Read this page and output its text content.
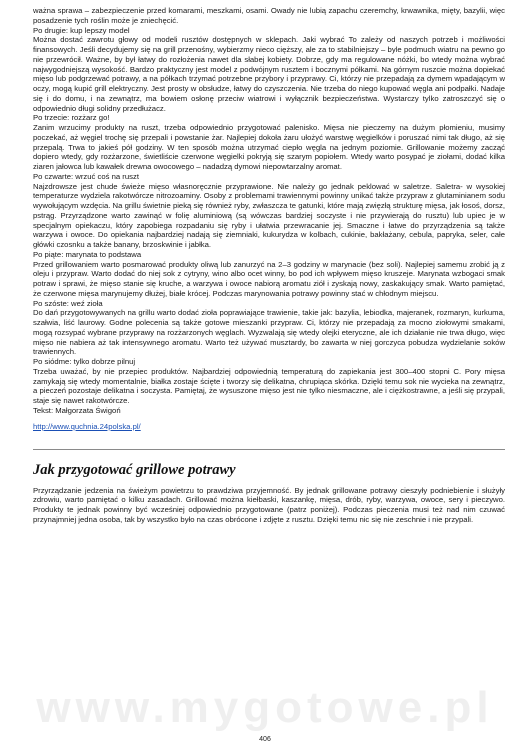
www.mygotowe.pl

ważna sprawa – zabezpieczenie przed komarami, meszkami, osami. Owady nie lubią zapachu czeremchy, krwawnika, mięty, bazylii, więc posadzenie tych roślin może je zniechęcić.

Po drugie: kup lepszy model

Można dostać zawrotu głowy od modeli rusztów dostępnych w sklepach. Jaki wybrać To zależy od naszych potrzeb i możliwości finansowych. Jeśli decydujemy się na grill przenośny, wybierzmy nieco cięższy, ale za to stabilniejszy – byle podmuch wiatru na pewno go nie przewrócił. Ważne, by był łatwy do rozłożenia nawet dla słabej kobiety. Dobrze, gdy ma regulowane nóżki, bo wtedy można wybrać najwygodniejszą wysokość. Bardzo praktyczny jest model z podwójnym rusztem i bocznymi półkami. Na górnym ruszcie można dopiekać mięso lub podgrzewać potrawy, a na półkach trzymać potrzebne przybory i przyprawy. Ci, którzy nie przepadają za dymem wpadającym w oczy, mogą kupić grill elektryczny. Jest prosty w obsłudze, łatwy do czyszczenia. Nie trzeba do niego kupować węgla ani podpałki. Nadaje się i do domu, i na zewnątrz, ma bowiem osłonę przeciw wiatrowi i wyłącznik bezpieczeństwa. Wystarczy tylko zatroszczyć się o odpowiednio długi solidny przedłużacz.

Po trzecie: rozżarz go!

Zanim wrzucimy produkty na ruszt, trzeba odpowiednio przygotować palenisko. Mięsa nie pieczemy na dużym płomieniu, musimy poczekać, aż węgiel trochę się przepali i powstanie żar. Najlepiej dokoła żaru ułożyć warstwę węgielków i poruszać nimi tak długo, aż się przepalą. Trwa to jakieś pół godziny. W ten sposób można utrzymać ciepło węgla na jednym poziomie. Grillowanie możemy zacząć dopiero wtedy, gdy rozżarzone, świetliście czerwone węgielki pokryją się szarym popiołem. Wtedy warto posypać je ziołami, dodać kilka ziaren jałowca lub kawałek drewna owocowego – nadadzą dymowi niepowtarzalny aromat.

Po czwarte: wrzuć coś na ruszt

Najzdrowsze jest chude świeże mięso własnoręcznie przyprawione. Nie należy go jednak peklować w saletrze. Saletra- w wysokiej temperaturze wydziela rakotwórcze nitrozoaminy. Osoby z problemami trawiennymi powinny unikać także przypraw z glutaminianem sodu wywołującym wzdęcia. Na grillu świetnie pieką się również ryby, zwłaszcza te gatunki, które mają zwięzłą strukturę mięsa, jak łosoś, dorsz, pstrąg. Przyrządzone warto zawinąć w folię aluminiową (są wówczas bardziej soczyste i nie przywierają do rusztu) lub upiec je w specjalnym opiekaczu, który zapobiega rozpadaniu się ryby i ułatwia przewracanie jej. Smaczne i łatwe do przyrządzenia są także warzywa i owoce. Do opiekania najbardziej nadają się ziemniaki, kukurydza w kolbach, cukinie, bakłażany, cebula, papryka, seler, całe główki czosnku a także banany, brzoskwinie i jabłka.

Po piąte: marynata to podstawa

Przed grillowaniem warto posmarować produkty oliwą lub zanurzyć na 2–3 godziny w marynacie (bez soli). Najlepiej samemu zrobić ją z oleju i przypraw. Warto dodać do niej sok z cytryny, wino albo ocet winny, bo pod ich wpływem mięso kruszeje. Marynata wzbogaci smak potraw i sprawi, że mięso stanie się kruche, a warzywa i owoce nabiorą aromatu ziół i zyskają nowy, zaskakujący smak. Warto pamiętać, że czerwone mięsa marynujemy dłużej, białe krócej. Podczas marynowania potrawy powinny stać w chłodnym miejscu.

Po szóste: weź zioła

Do dań przygotowywanych na grillu warto dodać zioła poprawiające trawienie, takie jak: bazylia, lebiodka, majeranek, rozmaryn, kurkuma, szałwia, liść laurowy. Godne polecenia są także gotowe mieszanki przypraw. Ci, którzy nie przepadają za mocno ziołowymi smakami, mogą rozsypać wybrane przyprawy na rozżarzonych węglach. Wyzwalają się wtedy olejki eteryczne, ale ich działanie nie trwa długo, więc mięso nie nabiera aż tak intensywnego aromatu. Warto też używać musztardy, bo zawarta w niej gorczyca pobudza wydzielanie soków trawiennych.

Po siódme: tylko dobrze pilnuj

Trzeba uważać, by nie przepiec produktów. Najbardziej odpowiednią temperaturą do zapiekania jest 300–400 stopni C. Pory mięsa zamykają się wtedy momentalnie, białka zostaje ścięte i tworzy się delikatna, chrupiąca skórka. Dzięki temu sok nie wycieka na zewnątrz, a pieczeń pozostaje delikatna i soczysta. Pamiętaj, że wysuszone mięso jest nie tylko niesmaczne, ale i ciężkostrawne, a jeśli się przypali, staje się nawet rakotwórcze.

Tekst: Małgorzata Świgoń

http://www.quchnia.24polska.pl/
Jak przygotować grillowe potrawy

Przyrządzanie jedzenia na świeżym powietrzu to prawdziwa przyjemność. By jednak grillowane potrawy cieszyły podniebienie i służyły zdrowiu, warto pamiętać o kilku zasadach. Grillować można kiełbaski, kaszankę, mięsa, drób, ryby, warzywa, owoce, sery i pieczywo. Produkty te jednak powinny być wcześniej odpowiednio przygotowane (patrz poniżej). Podczas pieczenia musi też nad nim czuwać przynajmniej jedna osoba, tak by wszystko było na czas obrócone i zdjęte z rusztu. Dzięki temu nic się nie zeschnie i nie przypali.

406
